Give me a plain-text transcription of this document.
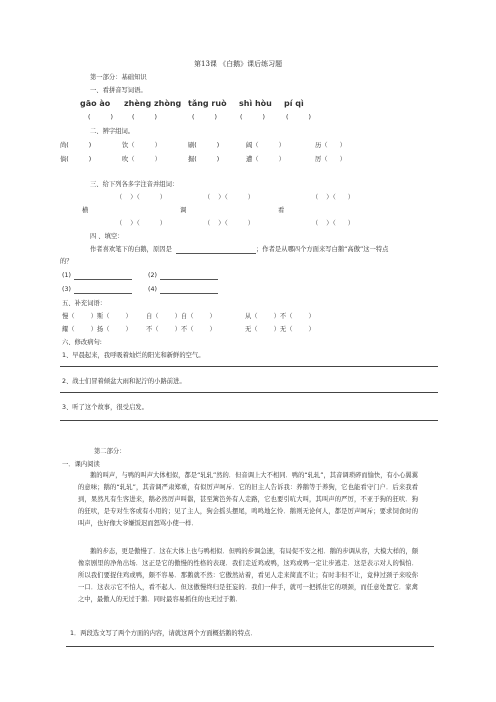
第13课 《白鹅》课后练习题
第一部分：基础知识
一、看拼音写词语。
gāo ào zhèng zhòng tǎng ruò shì hòu pí qì
(          )	(          )	(          )	(          )	(          )
二、辨字组词。
尚(          )	饮（          ）	刷(          )	阔（          ）	历（      ）
倘(          )	吹（          ）	掘(          )	遭（          ）	厉（      ）
三、给下列各多字注音并组词：
（    ）（          ）	（    ）（          ）	（    ）（      ）
横	调	看
（    ）（          ）	（    ）（          ）	（    ）（      ）
四 、填空：
作者喜欢笔下的白鹅，原因是	；作者是从哪四个方面来写白鹅“高傲”这一特点
的？
(1)	(2)
(3)	(4)
五、补充词语：
慢（        ）斯（        ） 自（        ）自（        ）	从（        ）不（        ）
耀（        ）扬（        ） 不（        ）不（        ）	无（        ）无（        ）
六、修改病句:
1、早晨起来，我呼吸着灿烂的阳光和新鲜的空气。
2、战士们冒着倾盆大雨和泥泞的小路前进。
3、听了这个故事，很受启发。
第二部分：
一．课内阅读
鹅的叫声，与鸭的叫声大体相似，都是“轧轧”然的．但音调上大不相同．鸭的“轧轧”，其音调琐碎而愉快，有小心翼翼的意味；鹅的“轧轧”，其音调严肃郑重，有似厉声呵斥．它的旧主人告诉我：养鹅等于养狗，它也能看守门户．后来我看到，果然凡有生客进来，鹅必然厉声叫嚣，甚至篱笆外有人走路，它也要引吭大叫，其叫声的严厉，不亚于狗的狂吠．狗的狂吠，是专对生客或有小用的；见了主人，狗会摇头摆尾，鸣鸣地乞怜．鹅则无论何人，都是厉声呵斥；要求饲食时的叫声，也好像大爷嫌饭迟而怒骂小使一样．
鹅的步态，更是傲慢了．这在大体上也与鸭相似．但鸭的步调急速，有局促不安之相．鹅的步调从容，大模大样的，颇像京剧里的净角出场．这正是它的傲慢的性格的表现．我们走近鸡或鸭，这鸡或鸭一定让步逃走．这是表示对人的惧怕．所以我们要捉住鸡或鸭，颇不容易．那鹅就不然：它傲然站着，看见人走来简直不让；有时非但不让，竟伸过颈子来咬你一口．这表示它不怕人，看不起人．但这傲慢终归是狂妄的．我们一伸手，就可一把抓住它的项颈，而任意处置它．家禽之中，最傲人的无过于鹅．同时最容易抓住的也无过于鹅．
1．两段选文写了两个方面的内容，请就这两个方面概括鹅的特点．
